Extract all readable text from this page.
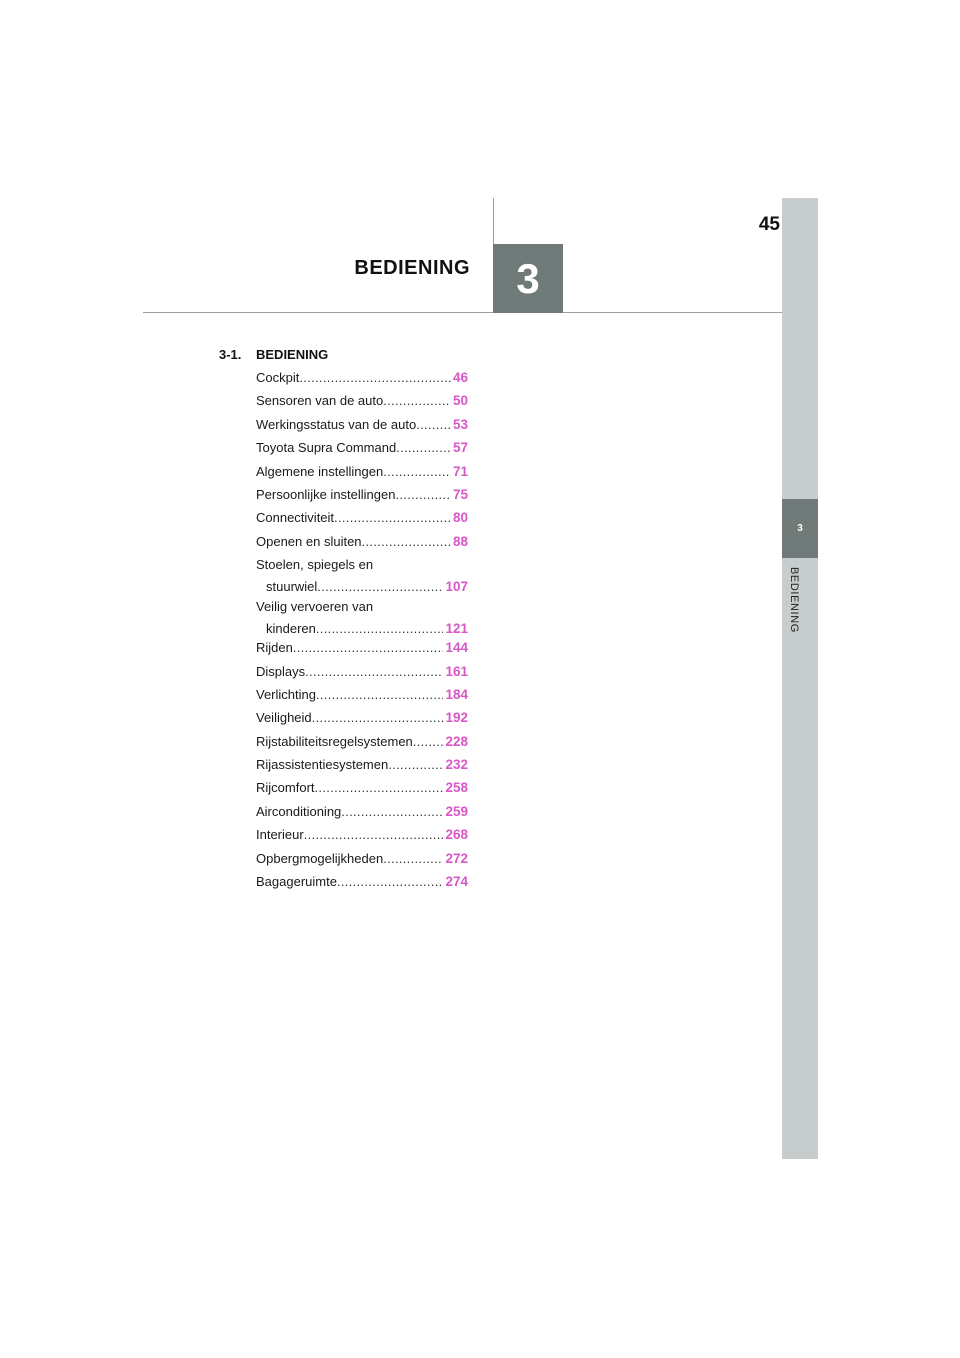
45
BEDIENING 3
3
BEDIENING
3-1. BEDIENING
Cockpit .....	46
Sensoren van de auto .....	50
Werkingsstatus van de auto .....	53
Toyota Supra Command .....	57
Algemene instellingen .....	71
Persoonlijke instellingen .....	75
Connectiviteit .....	80
Openen en sluiten .....	88
Stoelen, spiegels en
stuurwiel .....	107
Veilig vervoeren van
kinderen .....	121
Rijden .....	144
Displays .....	161
Verlichting .....	184
Veiligheid .....	192
Rijstabiliteitsregelsystemen ..... 228
Rijassistentiesystemen .....	232
Rijcomfort .....	258
Airconditioning .....	259
Interieur .....	268
Opbergmogelijkheden .....	272
Bagageruimte .....	274
